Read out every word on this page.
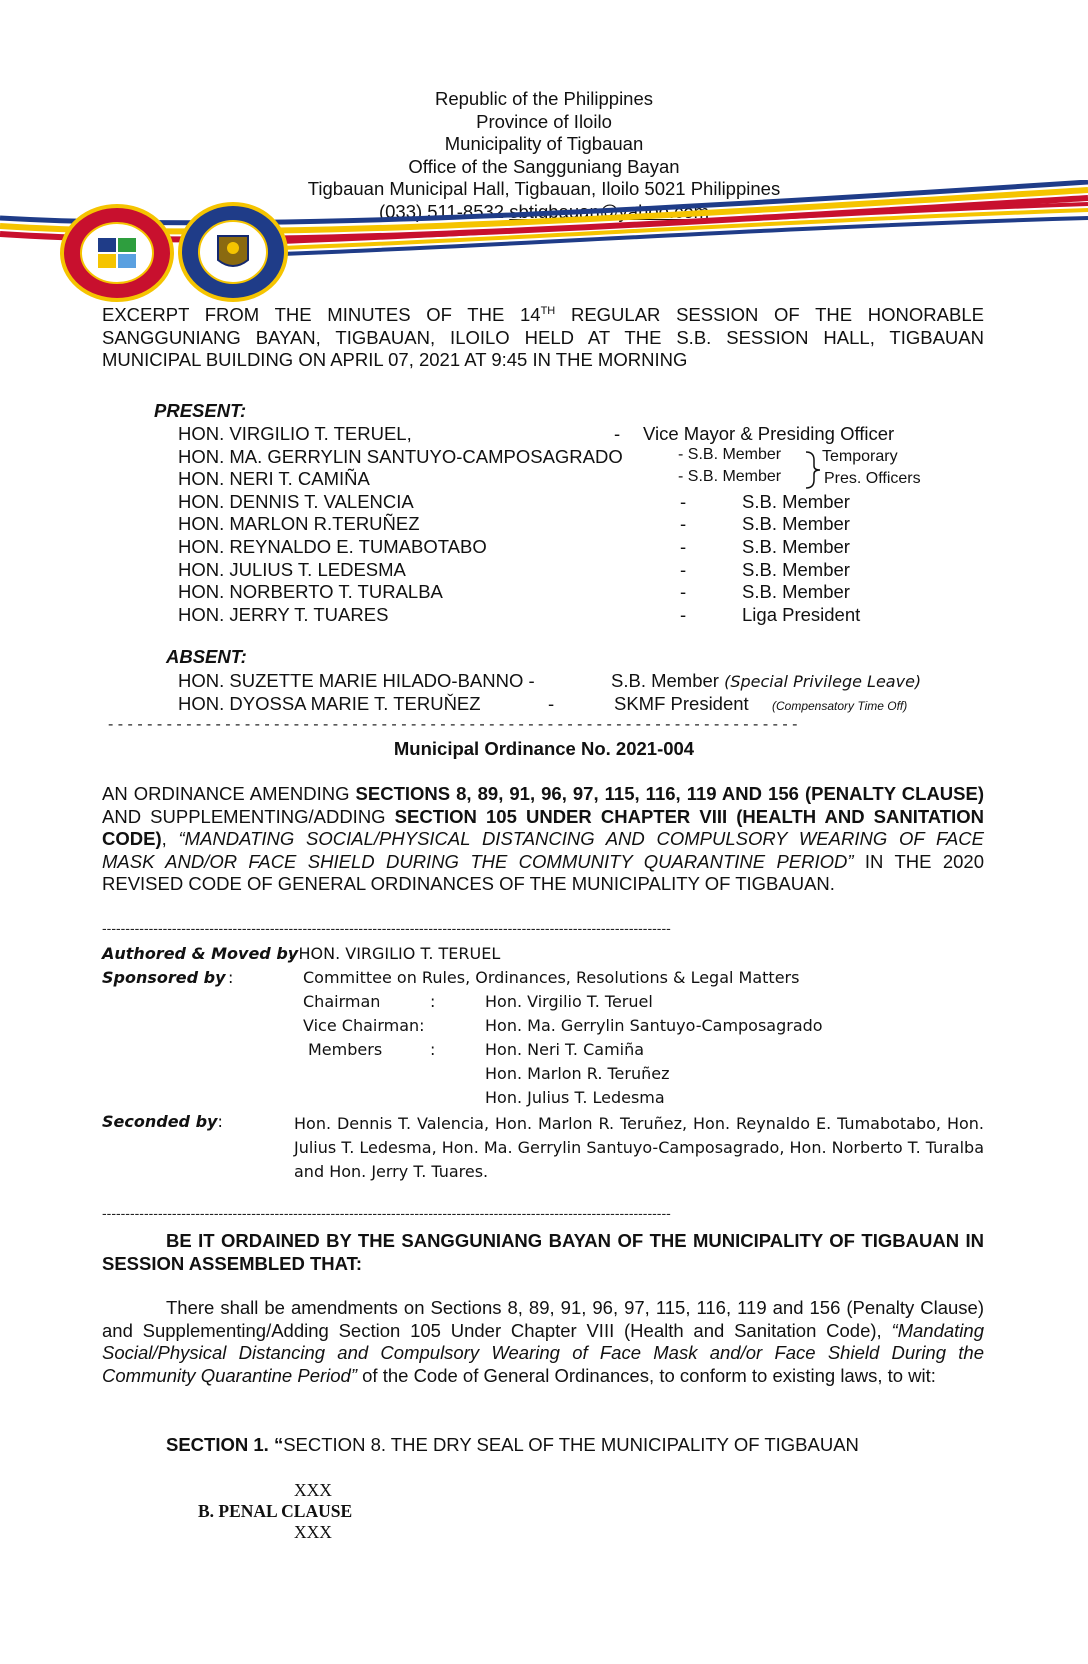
Republic of the Philippines
Province of Iloilo
Municipality of Tigbauan
Office of the Sangguniang Bayan
Tigbauan Municipal Hall, Tigbauan, Iloilo 5021 Philippines
(033) 511-8532 sbtigbauan@yahoo.com
EXCERPT FROM THE MINUTES OF THE 14TH REGULAR SESSION OF THE HONORABLE
SANGGUNIANG BAYAN, TIGBAUAN, ILOILO HELD AT THE S.B. SESSION HALL, TIGBAUAN
MUNICIPAL BUILDING ON APRIL 07, 2021 AT 9:45 IN THE MORNING
PRESENT:
HON. VIRGILIO T. TERUEL,	- Vice Mayor & Presiding Officer
HON. MA. GERRYLIN SANTUYO-CAMPOSAGRADO	- S.B. Member	Temporary
HON. NERI T. CAMIÑA	- S.B. Member	Pres. Officers
HON. DENNIS T. VALENCIA	-	S.B. Member
HON. MARLON R.TERUÑEZ	-	S.B. Member
HON. REYNALDO E. TUMABOTABO	-	S.B. Member
HON. JULIUS T. LEDESMA	-	S.B. Member
HON. NORBERTO T. TURALBA	-	S.B. Member
HON. JERRY T. TUARES	-	Liga President
ABSENT:
HON. SUZETTE MARIE HILADO-BANNO -	S.B. Member (Special Privilege Leave)
HON. DYOSSA MARIE T. TERUŇEZ	-	SKMF President (Compensatory Time Off)
- - - - - - - - - - - - - - - - - - - - - - - - - - - - - - - - - - - - - - - - - - - - - - - - - - - - - - - - - - - - - - - - - - - - - - -
Municipal Ordinance No. 2021-004
AN ORDINANCE AMENDING SECTIONS 8, 89, 91, 96, 97, 115, 116, 119 AND 156 (PENALTY CLAUSE) AND SUPPLEMENTING/ADDING SECTION 105 UNDER CHAPTER VIII (HEALTH AND SANITATION CODE), “MANDATING SOCIAL/PHYSICAL DISTANCING AND COMPULSORY WEARING OF FACE MASK AND/OR FACE SHIELD DURING THE COMMUNITY QUARANTINE PERIOD” IN THE 2020 REVISED CODE OF GENERAL ORDINANCES OF THE MUNICIPALITY OF TIGBAUAN.
--------------------------------------------------------------------------------------------------------------------------
Authored & Moved by
: HON. VIRGILIO T. TERUEL
Sponsored by :	Committee on Rules, Ordinances, Resolutions & Legal Matters
Chairman	:	Hon. Virgilio T. Teruel
Vice Chairman:	Hon. Ma. Gerrylin Santuyo-Camposagrado
Members	:	Hon. Neri T. Camiña
Hon. Marlon R. Teruñez
Hon. Julius T. Ledesma
Seconded by:	Hon. Dennis T. Valencia, Hon. Marlon R. Teruñez, Hon. Reynaldo E. Tumabotabo, Hon. Julius T. Ledesma, Hon. Ma. Gerrylin Santuyo-Camposagrado, Hon. Norberto T. Turalba and Hon. Jerry T. Tuares.
--------------------------------------------------------------------------------------------------------------------------
BE IT ORDAINED BY THE SANGGUNIANG BAYAN OF THE MUNICIPALITY OF TIGBAUAN IN SESSION ASSEMBLED THAT:
There shall be amendments on Sections 8, 89, 91, 96, 97, 115, 116, 119 and 156 (Penalty Clause) and Supplementing/Adding Section 105 Under Chapter VIII (Health and Sanitation Code), “Mandating Social/Physical Distancing and Compulsory Wearing of Face Mask and/or Face Shield During the Community Quarantine Period” of the Code of General Ordinances, to conform to existing laws, to wit:
SECTION 1. “SECTION 8. THE DRY SEAL OF THE MUNICIPALITY OF TIGBAUAN
XXX
B. PENAL CLAUSE
XXX
